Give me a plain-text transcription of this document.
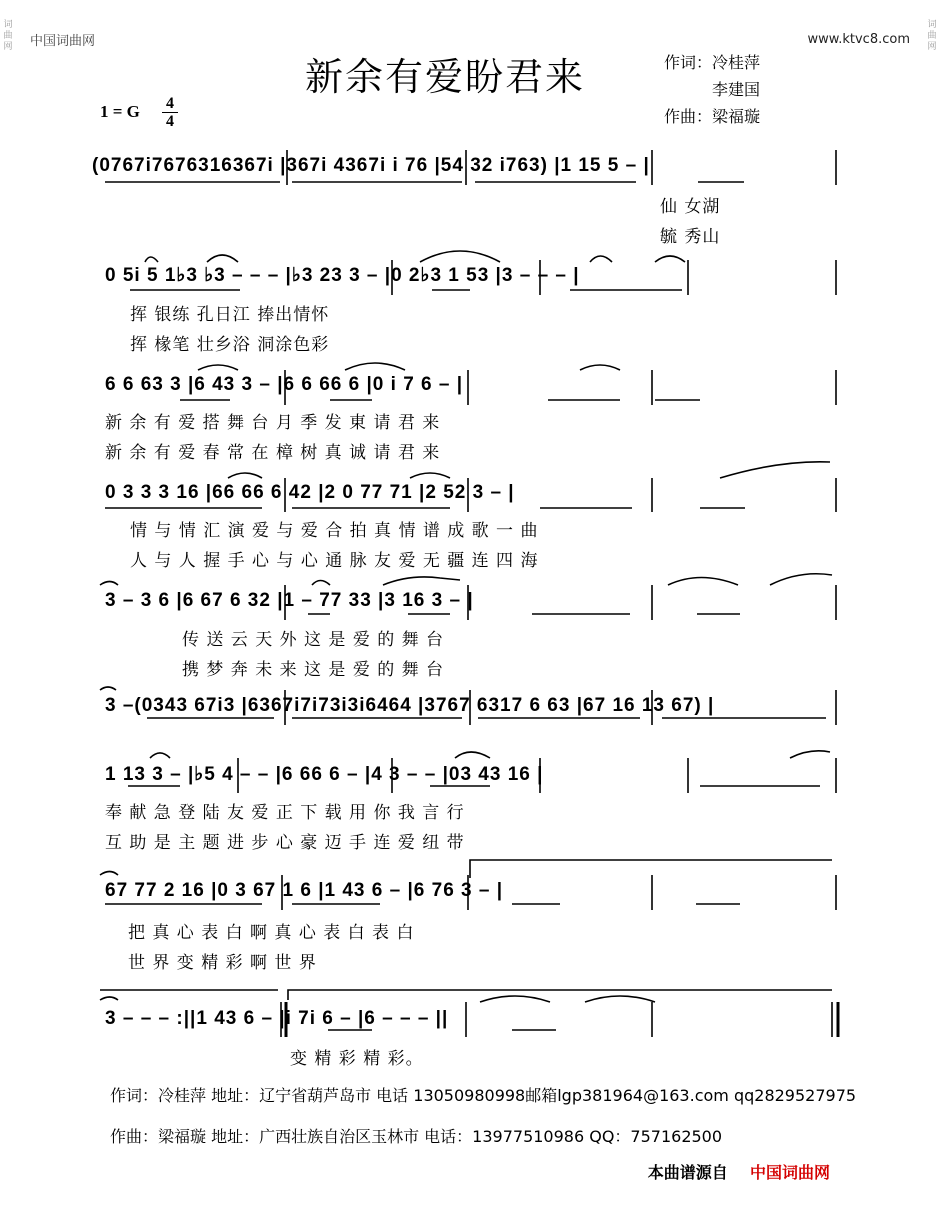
词
曲
网
词
曲
网
中国词曲网	www.ktvc8.com
新余有爱盼君来	作词：冷桂萍
李建国
作曲：梁福璇
1 = G 4
4
(0767i7676316367i |367i 4367i i 76 |54 32 i763) |1 15 5 – |
仙 女湖
毓 秀山
0 5i 5 1♭3 ♭3 – – – |♭3 23 3 – |0 2♭3 1 53 |3 – – – |
挥 银练 孔日江 捧出情怀
挥 椽笔 壮乡浴 洞涂色彩
6 6 63 3 |6 43 3 – |6 6 66 6 |0 i 7 6 – |
新 余 有 爱 搭 舞 台 月 季 发 東 请 君 来
新 余 有 爱 春 常 在 樟 树 真 诚 请 君 来
0 3 3 3 16 |66 66 6 42 |2 0 77 71 |2 52 3 – |
情 与 情 汇 演 爱 与 爱 合 拍 真 情 谱 成 歌 一 曲
人 与 人 握 手 心 与 心 通 脉 友 爱 无 疆 连 四 海
3 – 3 6 |6 67 6 32 |1 – 77 33 |3 16 3 – |
传 送 云 天 外 这 是 爱 的 舞 台
携 梦 奔 未 来 这 是 爱 的 舞 台
3 –(0343 67i3 |6367i7i73i3i6464 |3767 6317 6 63 |67 16 13 67) |
1 13 3 – |♭5 4 – – |6 66 6 – |4 3 – – |03 43 16 |
奉 献 急 登 陆 友 爱 正 下 载 用 你 我 言 行
互 助 是 主 题 进 步 心 豪 迈 手 连 爱 纽 带
67 77 2 16 |0 3 67 1 6 |1 43 6 – |6 76 3 – |
把 真 心 表 白 啊 真 心 表 白 表 白
世 界 变 精 彩 啊 世 界
3 – – – :||1 43 6 – |i 7i 6 – |6 – – – ||
变 精 彩 精 彩。
作词：冷桂萍 地址：辽宁省葫芦岛市 电话 13050980998邮箱lgp381964@163.com qq2829527975
作曲：梁福璇 地址：广西壮族自治区玉林市 电话：13977510986 QQ：757162500
本曲谱源自 中国词曲网
